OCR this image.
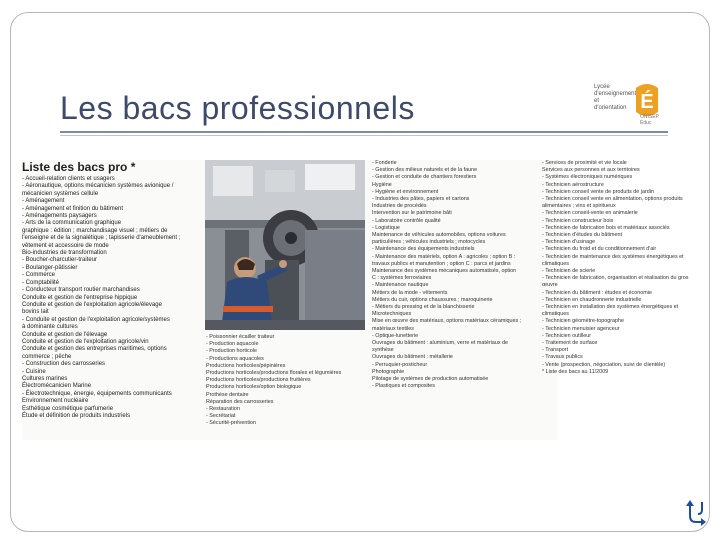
Les bacs professionnels
Lycée d'enseignement et d'orientation É
ONISEP Éduc
Liste des bacs pro *
- Accueil-relation clients et usagers
- Aéronautique, options mécanicien systèmes avionique /
mécanicien systèmes cellule
- Aménagement
- Aménagement et finition du bâtiment
- Aménagements paysagers
- Arts de la communication graphique
graphique : édition ; marchandisage visuel ; métiers de
l'enseigne et de la signalétique ; tapisserie d'ameublement ;
vêtement et accessoire de mode
Bio-industries de transformation
- Boucher-charcutier-traiteur
- Boulanger-pâtissier
- Commerce
- Comptabilité
- Conducteur transport routier marchandises
Conduite et gestion de l'entreprise hippique
Conduite et gestion de l'exploitation agricole/élevage
bovins lait
- Conduite et gestion de l'exploitation agricole/systèmes
à dominante cultures
Conduite et gestion de l'élevage
Conduite et gestion de l'exploitation agricole/vin
Conduite et gestion des entreprises maritimes, options
commerce ; pêche
- Construction des carrosseries
- Cuisine
Cultures marines
Électromécanicien Marine
- Électrotechnique, énergie, équipements communicants
Environnement nucléaire
Esthétique cosmétique parfumerie
Étude et définition de produits industriels
- Poissonnier écailler traiteur
- Production aquacole
- Production horticole
- Productions aquacoles
Productions horticoles/pépinières
Productions horticoles/productions florales et légumières
Productions horticoles/productions fruitières
Productions horticoles/option biologique
Prothèse dentaire
Réparation des carrosseries
- Restauration
- Secrétariat
- Sécurité-prévention
- Fonderie
- Gestion des milieux naturels et de la faune
- Gestion et conduite de chantiers forestiers
Hygiène
- Hygiène et environnement
- Industries des pâtes, papiers et cartons
Industries de procédés
Intervention sur le patrimoine bâti
- Laboratoire contrôle qualité
- Logistique
Maintenance de véhicules automobiles, options voitures
particulières ; véhicules industriels ; motocycles
- Maintenance des équipements industriels
- Maintenance des matériels, option A : agricoles ; option B :
travaux publics et manutention ; option C : parcs et jardins
Maintenance des systèmes mécaniques automatisés, option
C : systèmes ferroviaires
- Maintenance nautique
Métiers de la mode - vêtements
Métiers du cuir, options chaussures ; maroquinerie
- Métiers du pressing et de la blanchisserie
Microtechniques
Mise en œuvre des matériaux, options matériaux céramiques ;
matériaux textiles
- Optique-lunetterie
Ouvrages du bâtiment : aluminium, verre et matériaux de
synthèse
Ouvrages du bâtiment : métallerie
- Perruquier-posticheur
Photographie
Pilotage de systèmes de production automatisée
- Plastiques et composites
- Services de proximité et vie locale
Services aux personnes et aux territoires
- Systèmes électroniques numériques
- Technicien aérostructure
- Technicien conseil vente de produits de jardin
- Technicien conseil vente en alimentation, options produits
alimentaires ; vins et spiritueux
- Technicien conseil-vente en animalerie
- Technicien constructeur bois
- Technicien de fabrication bois et matériaux associés
- Technicien d'études du bâtiment
- Technicien d'usinage
- Technicien du froid et du conditionnement d'air
- Technicien de maintenance des systèmes énergétiques et
climatiques
- Technicien de scierie
- Technicien de fabrication, organisation et réalisation du gros
œuvre
- Technicien du bâtiment : études et économie
- Technicien en chaudronnerie industrielle
- Technicien en installation des systèmes énergétiques et
climatiques
- Technicien géomètre-topographe
- Technicien menuisier agenceur
- Technicien outilleur
- Traitement de surface
- Transport
- Travaux publics
- Vente (prospection, négociation, suivi de clientèle)
* Liste des bacs au 11/2009
